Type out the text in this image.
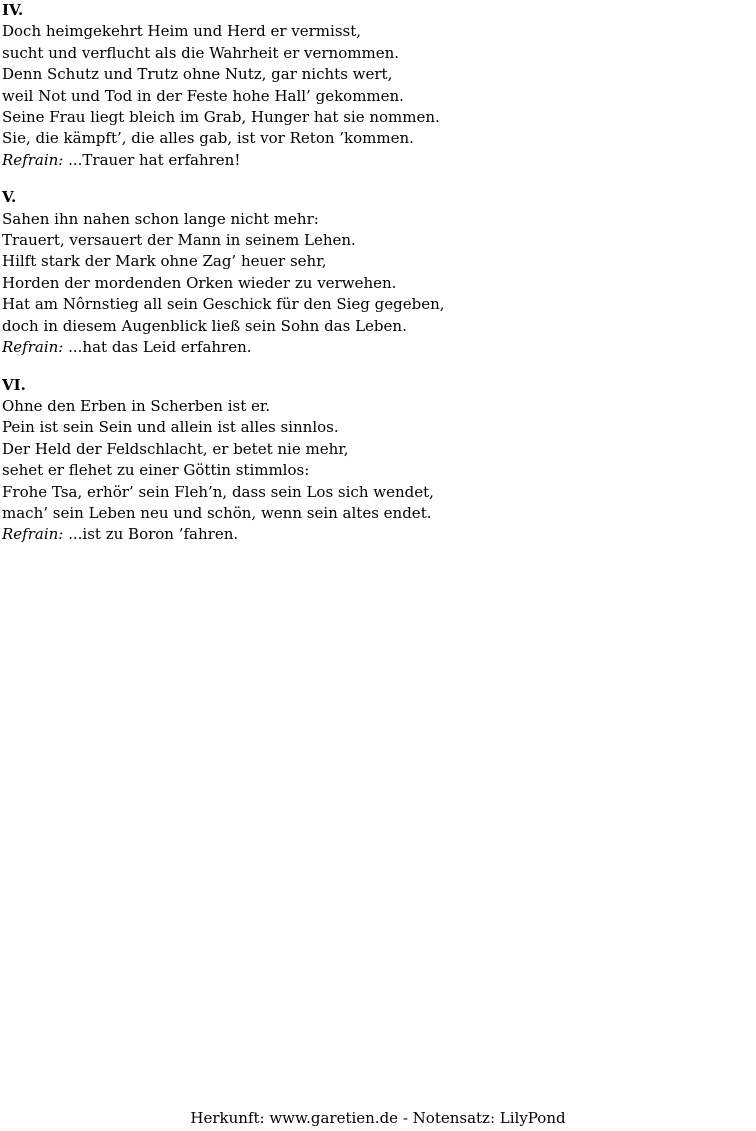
IV.

Doch heimgekehrt Heim und Herd er vermisst,

sucht und verflucht als die Wahrheit er vernommen.

Denn Schutz und Trutz ohne Nutz, gar nichts wert,

weil Not und Tod in der Feste hohe Hall’ gekommen.

Seine Frau liegt bleich im Grab, Hunger hat sie nommen.

Sie, die kämpft’, die alles gab, ist vor Reton ’kommen.

Refrain: ...Trauer hat erfahren!

V.

Sahen ihn nahen schon lange nicht mehr:

Trauert, versauert der Mann in seinem Lehen.

Hilft stark der Mark ohne Zag’ heuer sehr,

Horden der mordenden Orken wieder zu verwehen.

Hat am Nôrnstieg all sein Geschick für den Sieg gegeben,

doch in diesem Augenblick ließ sein Sohn das Leben.

Refrain: ...hat das Leid erfahren.

VI.

Ohne den Erben in Scherben ist er.

Pein ist sein Sein und allein ist alles sinnlos.

Der Held der Feldschlacht, er betet nie mehr,

sehet er flehet zu einer Göttin stimmlos:

Frohe Tsa, erhör’ sein Fleh’n, dass sein Los sich wendet,

mach’ sein Leben neu und schön, wenn sein altes endet.

Refrain: ...ist zu Boron ’fahren.

Herkunft: www.garetien.de - Notensatz: LilyPond
